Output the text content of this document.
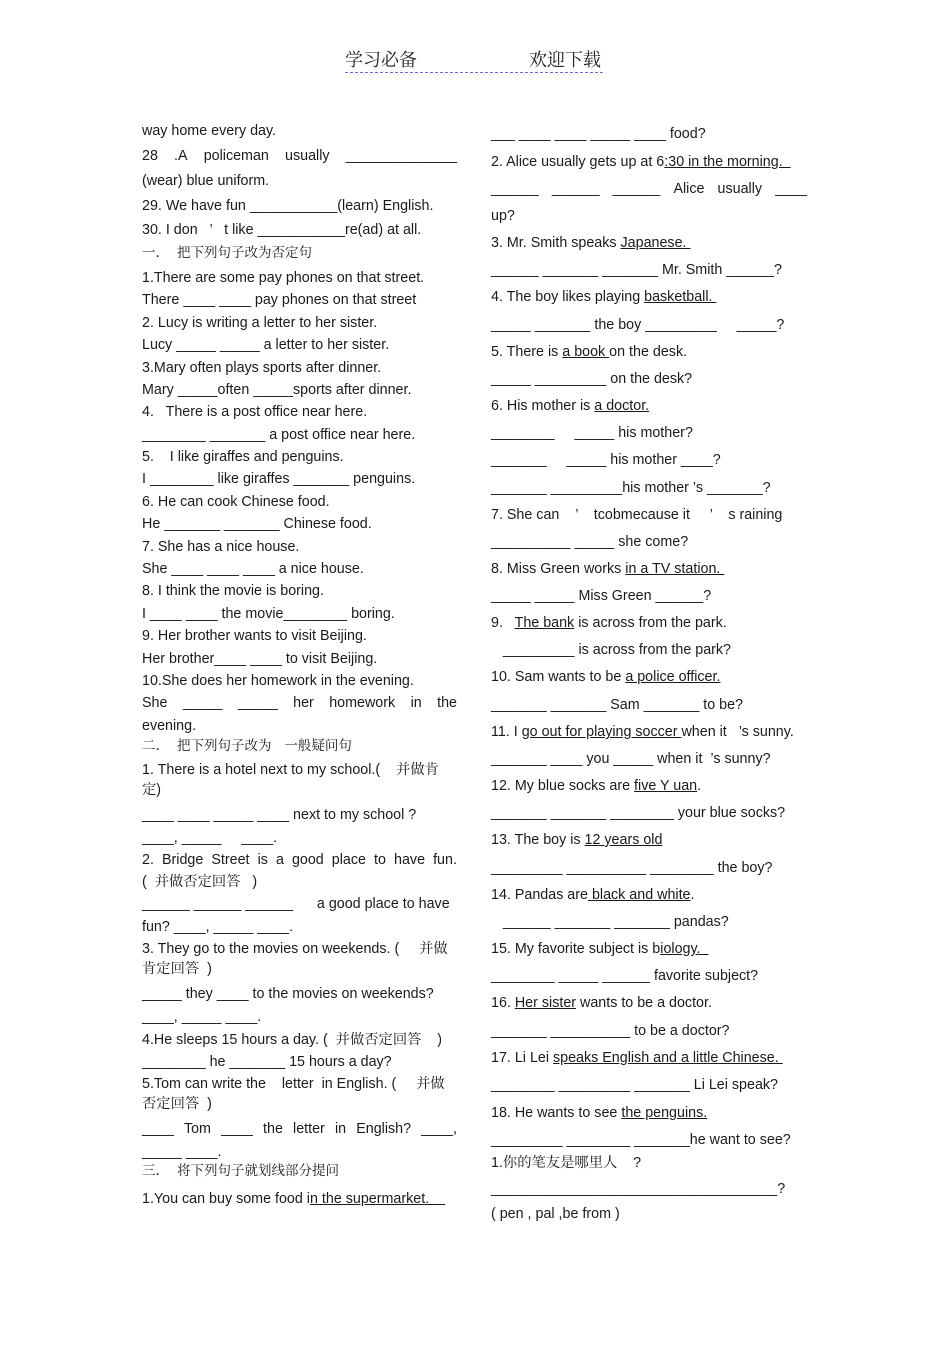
学习必备	欢迎下载
way home every day.
28 .A policeman usually ______________
(wear) blue uniform.
29. We have fun ___________(learn) English.
30. I don   ’   t like ___________re(ad) at all.
一.    把下列句子改为否定句
1.There are some pay phones on that street.
There ____ ____ pay phones on that street
2. Lucy is writing a letter to her sister.
Lucy _____ _____ a letter to her sister.
3.Mary often plays sports after dinner.
Mary _____often _____sports after dinner.
4.   There is a post office near here.
________ _______ a post office near here.
5.    I like giraffes and penguins.
I ________ like giraffes _______ penguins.
6. He can cook Chinese food.
He _______ _______ Chinese food.
7. She has a nice house.
She ____ ____ ____ a nice house.
8. I think the movie is boring.
I ____ ____ the movie________ boring.
9. Her brother wants to visit Beijing.
Her brother____ ____ to visit Beijing.
10.She does her homework in the evening.
She _____ _____ her homework in the
evening.
二.    把下列句子改为   一般疑问句
1. There is a hotel next to my school.(    并做肯
定)
____ ____ _____ ____ next to my school ?
____, _____     ____.
2. Bridge Street is a good place to have fun.
(  并做否定回答   )
______ ______ ______      a good place to have
fun? ____, _____ ____.
3. They go to the movies on weekends. (     并做
肯定回答  )
_____ they ____ to the movies on weekends?
____, _____ ____.
4.He sleeps 15 hours a day. (  并做否定回答    )
________ he _______ 15 hours a day?
5.Tom can write the    letter  in English. (     并做
否定回答  )
____ Tom ____ the letter in English? ____,
_____ ____.
三.    将下列句子就划线部分提问
1.You can buy some food in the supermarket.
___ ____ ____ _____ ____ food?
2. Alice usually gets up at 6:30 in the morning.
______ ______ ______ Alice usually ____
up?
3. Mr. Smith speaks Japanese.
______ _______ _______ Mr. Smith ______?
4. The boy likes playing basketball.
_____ _______ the boy _________     _____?
5. There is a book on the desk.
_____ _________ on the desk?
6. His mother is a doctor.
________     _____ his mother?
_______     _____ his mother ____?
_______ _________his mother ’s _______?
7. She can    ’    tcobmecause it     ’    s raining
__________ _____ she come?
8. Miss Green works in a TV station.
_____ _____ Miss Green ______?
9.   The bank is across from the park.
_________ is across from the park?
10. Sam wants to be a police officer.
_______ _______ Sam _______ to be?
11. I go out for playing soccer when it   ’s sunny.
_______ ____ you _____ when it  ’s sunny?
12. My blue socks are five Y uan.
_______ _______ ________ your blue socks?
13. The boy is 12 years old
_________ __________ ________ the boy?
14. Pandas are black and white.
______ _______ _______ pandas?
15. My favorite subject is biology.
________ _____ ______ favorite subject?
16. Her sister wants to be a doctor.
_______ __________ to be a doctor?
17. Li Lei speaks English and a little Chinese.
________ _________ _______ Li Lei speak?
18. He wants to see the penguins.
_________ ________ _______he want to see?
1.你的笔友是哪里人    ?
____________________________________?
( pen , pal ,be from )
